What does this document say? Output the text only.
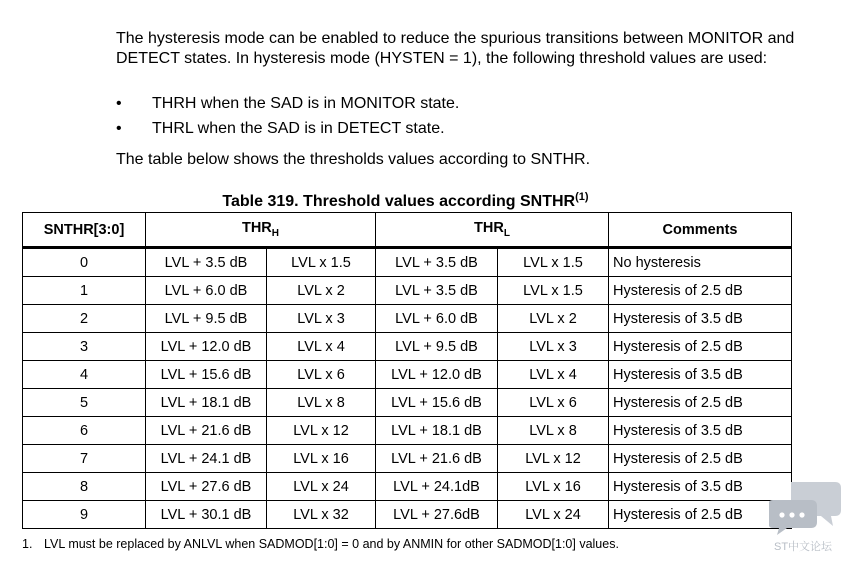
The hysteresis mode can be enabled to reduce the spurious transitions between MONITOR and DETECT states. In hysteresis mode (HYSTEN = 1), the following threshold values are used:

• THRH when the SAD is in MONITOR state.
• THRL when the SAD is in DETECT state.
The table below shows the thresholds values according to SNTHR.
Table 319. Threshold values according SNTHR$^{(1)}$
SNTHR[3:0]	$THR_H$		$THR_L$		Comments
0	LVL + 3.5 dB	LVL x 1.5	LVL + 3.5 dB	LVL x 1.5	No hysteresis
1	LVL + 6.0 dB	LVL x 2	LVL + 3.5 dB	LVL x 1.5	Hysteresis of 2.5 dB
2	LVL + 9.5 dB	LVL x 3	LVL + 6.0 dB	LVL x 2	Hysteresis of 3.5 dB
3	LVL + 12.0 dB	LVL x 4	LVL + 9.5 dB	LVL x 3	Hysteresis of 2.5 dB
4	LVL + 15.6 dB	LVL x 6	LVL + 12.0 dB	LVL x 4	Hysteresis of 3.5 dB
5	LVL + 18.1 dB	LVL x 8	LVL + 15.6 dB	LVL x 6	Hysteresis of 2.5 dB
6	LVL + 21.6 dB	LVL x 12	LVL + 18.1 dB	LVL x 8	Hysteresis of 3.5 dB
7	LVL + 24.1 dB	LVL x 16	LVL + 21.6 dB	LVL x 12	Hysteresis of 2.5 dB
8	LVL + 27.6 dB	LVL x 24	LVL + 24.1dB	LVL x 16	Hysteresis of 3.5 dB
9	LVL + 30.1 dB	LVL x 32	LVL + 27.6dB	LVL x 24	Hysteresis of 2.5 dB
1. LVL must be replaced by ANLVL when SADMOD[1:0] = 0 and by ANMIN for other SADMOD[1:0] values.	ST中文论坛
